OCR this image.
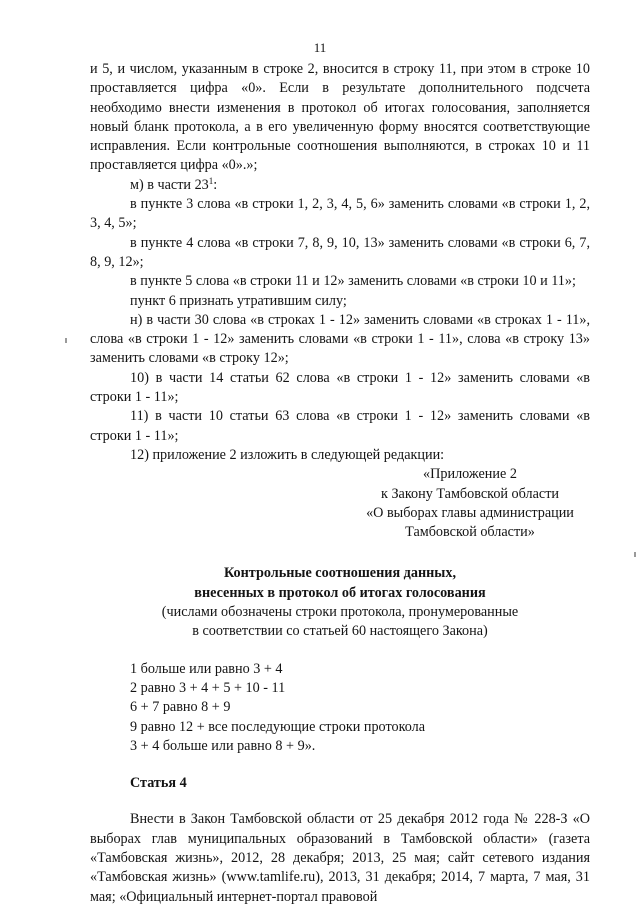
11

и 5, и числом, указанным в строке 2, вносится в строку 11, при этом в строке 10 проставляется цифра «0». Если в результате дополнительного подсчета необходимо внести изменения в протокол об итогах голосования, заполняется новый бланк протокола, а в его увеличенную форму вносятся соответствующие исправления. Если контрольные соотношения выполняются, в строках 10 и 11 проставляется цифра «0».»;

м) в части $23^1$:

в пункте 3 слова «в строки 1, 2, 3, 4, 5, 6» заменить словами «в строки 1, 2, 3, 4, 5»;

в пункте 4 слова «в строки 7, 8, 9, 10, 13» заменить словами «в строки 6, 7, 8, 9, 12»;

в пункте 5 слова «в строки 11 и 12» заменить словами «в строки 10 и 11»;

пункт 6 признать утратившим силу;

н) в части 30 слова «в строках 1 - 12» заменить словами «в строках 1 - 11», слова «в строки 1 - 12» заменить словами «в строки 1 - 11», слова «в строку 13» заменить словами «в строку 12»;

10) в части 14 статьи 62 слова «в строки 1 - 12» заменить словами «в строки 1 - 11»;

11) в части 10 статьи 63 слова «в строки 1 - 12» заменить словами «в строки 1 - 11»;

12) приложение 2 изложить в следующей редакции:

«Приложение 2
к Закону Тамбовской области
«О выборах главы администрации
Тамбовской области»
Контрольные соотношения данных,
внесенных в протокол об итогах голосования
(числами обозначены строки протокола, пронумерованные
в соответствии со статьей 60 настоящего Закона)
1 больше или равно 3 + 4
2 равно 3 + 4 + 5 + 10 - 11
6 + 7 равно 8 + 9
9 равно 12 + все последующие строки протокола
3 + 4 больше или равно 8 + 9».
Статья 4

Внести в Закон Тамбовской области от 25 декабря 2012 года № 228-З «О выборах глав муниципальных образований в Тамбовской области» (газета «Тамбовская жизнь», 2012, 28 декабря; 2013, 25 мая; сайт сетевого издания «Тамбовская жизнь» (www.tamlife.ru), 2013, 31 декабря; 2014, 7 марта, 7 мая, 31 мая; «Официальный интернет-портал правовой
